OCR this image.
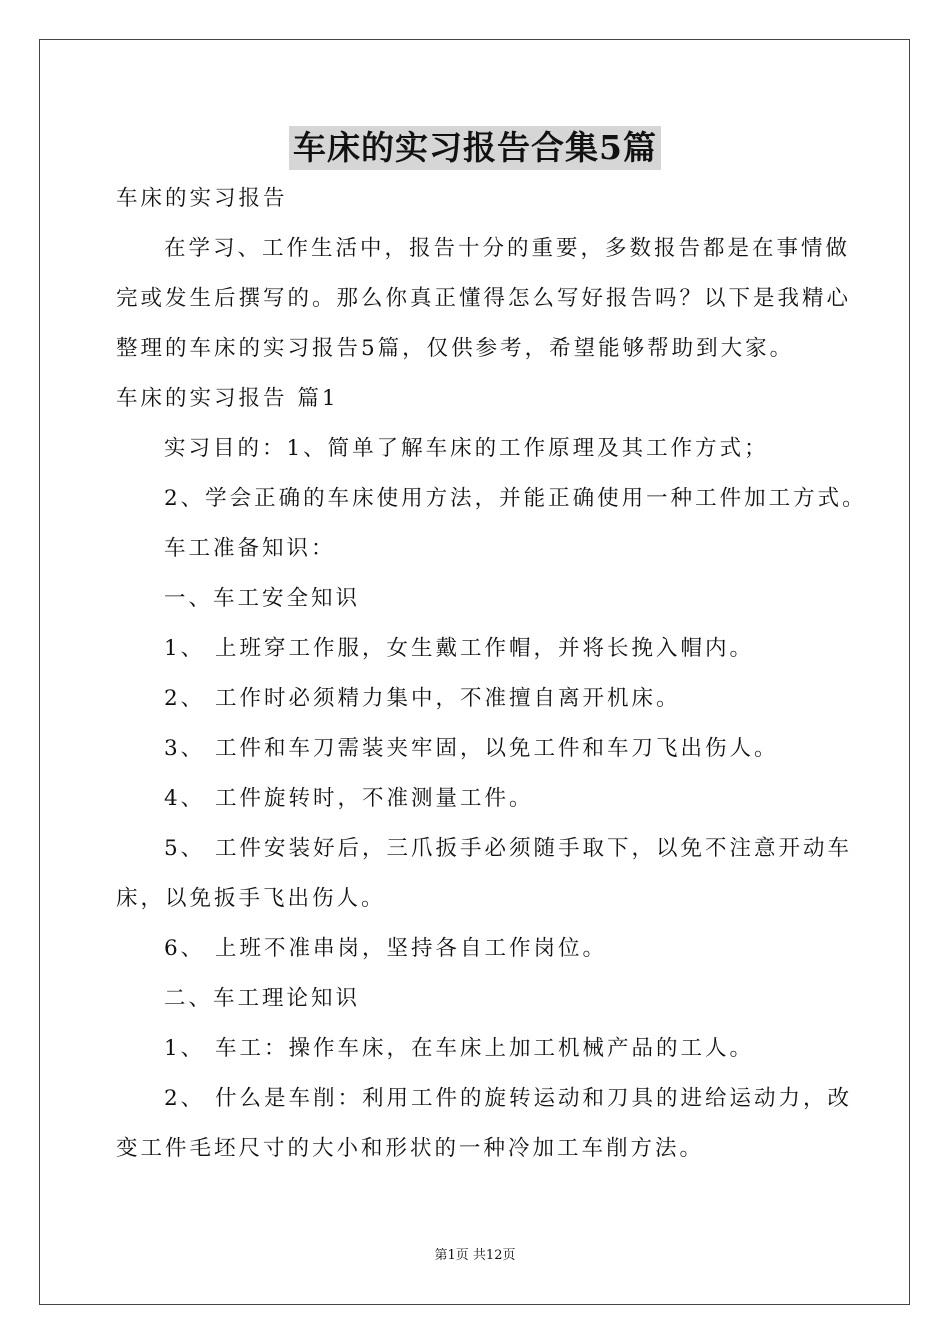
车床的实习报告合集5篇
车床的实习报告
在学习、工作生活中，报告十分的重要，多数报告都是在事情做
完或发生后撰写的。那么你真正懂得怎么写好报告吗？以下是我精心
整理的车床的实习报告5篇，仅供参考，希望能够帮助到大家。
车床的实习报告 篇1
实习目的：1、简单了解车床的工作原理及其工作方式；
2、学会正确的车床使用方法，并能正确使用一种工件加工方式。
车工准备知识：
一、车工安全知识
1、 上班穿工作服，女生戴工作帽，并将长挽入帽内。
2、 工作时必须精力集中，不准擅自离开机床。
3、 工件和车刀需装夹牢固，以免工件和车刀飞出伤人。
4、 工件旋转时，不准测量工件。
5、 工件安装好后，三爪扳手必须随手取下，以免不注意开动车
床，以免扳手飞出伤人。
6、 上班不准串岗，坚持各自工作岗位。
二、车工理论知识
1、 车工：操作车床，在车床上加工机械产品的工人。
2、 什么是车削：利用工件的旋转运动和刀具的进给运动力，改
变工件毛坯尺寸的大小和形状的一种冷加工车削方法。
第1页 共12页
